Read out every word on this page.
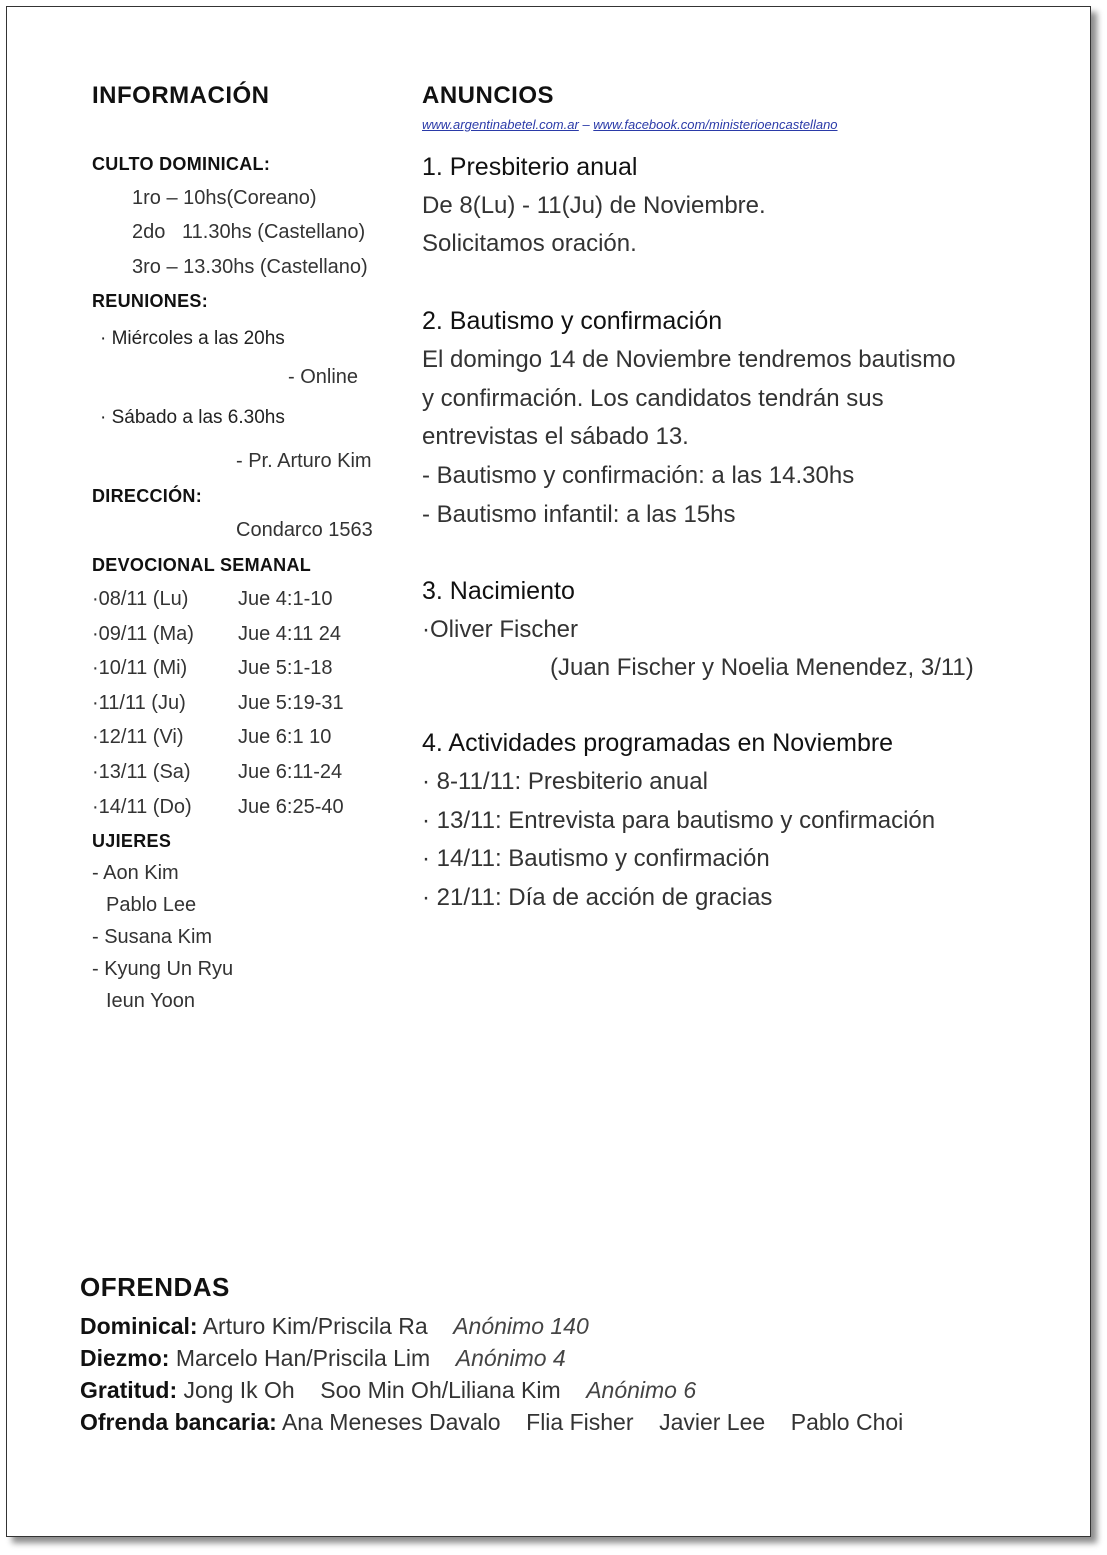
INFORMACIÓN
CULTO DOMINICAL:
1ro – 10hs(Coreano)
2do   11.30hs (Castellano)
3ro – 13.30hs (Castellano)
REUNIONES:
· Miércoles a las 20hs
- Online
· Sábado a las 6.30hs
- Pr. Arturo Kim
DIRECCIÓN:
Condarco 1563
DEVOCIONAL SEMANAL
·08/11 (Lu) Jue 4:1-10
·09/11 (Ma) Jue 4:11 24
·10/11 (Mi)	Jue 5:1-18
·11/11 (Ju)	Jue 5:19-31
·12/11 (Vi)	Jue 6:1 10
·13/11 (Sa) Jue 6:11-24
·14/11 (Do) Jue 6:25-40
UJIERES
- Aon Kim
Pablo Lee
- Susana Kim
- Kyung Un Ryu
Ieun Yoon
ANUNCIOS
www.argentinabetel.com.ar – www.facebook.com/ministerioencastellano
1. Presbiterio anual
De 8(Lu) - 11(Ju) de Noviembre.
Solicitamos oración.
2. Bautismo y confirmación
El domingo 14 de Noviembre tendremos bautismo
y confirmación. Los candidatos tendrán sus
entrevistas el sábado 13.
- Bautismo y confirmación: a las 14.30hs
- Bautismo infantil: a las 15hs
3. Nacimiento
·Oliver Fischer
(Juan Fischer y Noelia Menendez, 3/11)
4. Actividades programadas en Noviembre
· 8-11/11: Presbiterio anual
· 13/11: Entrevista para bautismo y confirmación
· 14/11: Bautismo y confirmación
· 21/11: Día de acción de gracias
OFRENDAS
Dominical: Arturo Kim/Priscila Ra Anónimo 140
Diezmo: Marcelo Han/Priscila Lim Anónimo 4
Gratitud: Jong Ik Oh    Soo Min Oh/Liliana Kim Anónimo 6
Ofrenda bancaria: Ana Meneses Davalo    Flia Fisher    Javier Lee    Pablo Choi
